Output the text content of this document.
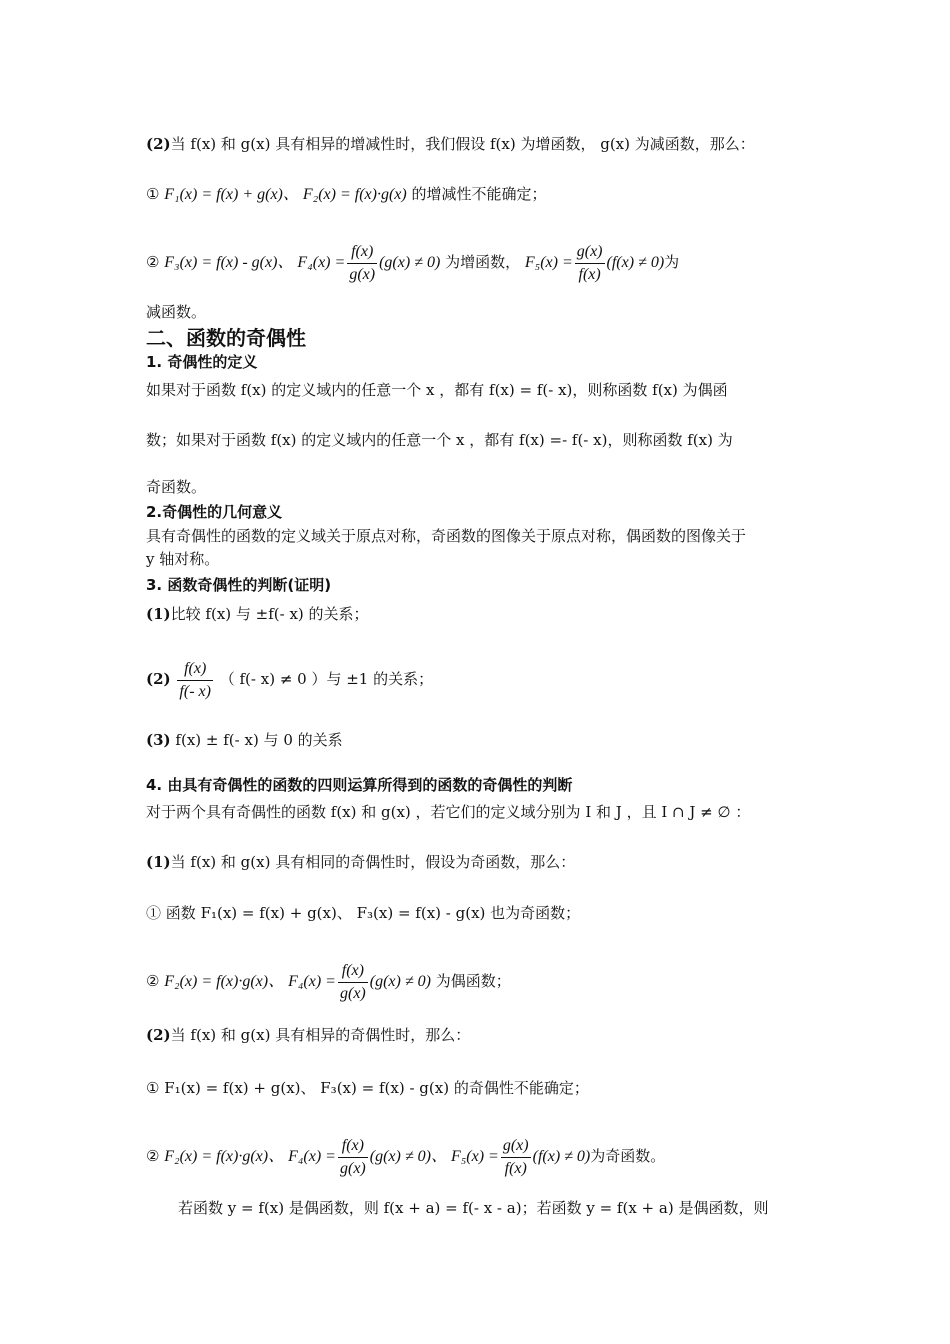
(2)当 f(x) 和 g(x) 具有相异的增减性时，我们假设 f(x) 为增函数， g(x) 为减函数，那么：
① F₁(x) = f(x) + g(x)、 F₂(x) = f(x)·g(x) 的增减性不能确定；
② F₃(x) = f(x) - g(x)、 $F_4(x) = \frac{f(x)}{g(x)} (g(x) \ne 0)$ 为增函数， $F_5(x) = \frac{g(x)}{f(x)} (f(x) \ne 0)$为
减函数。
二、函数的奇偶性
1. 奇偶性的定义
如果对于函数 f(x) 的定义域内的任意一个 x ，都有 f(x) = f(- x)，则称函数 f(x) 为偶函
数；如果对于函数 f(x) 的定义域内的任意一个 x ，都有 f(x) =- f(- x)，则称函数 f(x) 为
奇函数。
2.奇偶性的几何意义
具有奇偶性的函数的定义域关于原点对称，奇函数的图像关于原点对称，偶函数的图像关于
y 轴对称。
3. 函数奇偶性的判断(证明)
(1)比较 f(x) 与 ±f(- x) 的关系；
$(2) \frac{f(x)}{f(- x)}$ （ f(- x) ≠ 0 ）与 ±1 的关系；
(3) f(x) ± f(- x) 与 0 的关系
4. 由具有奇偶性的函数的四则运算所得到的函数的奇偶性的判断
对于两个具有奇偶性的函数 f(x) 和 g(x) ，若它们的定义域分别为 I 和 J ，且 I ∩ J ≠ ∅ ：
(1)当 f(x) 和 g(x) 具有相同的奇偶性时，假设为奇函数，那么：
① 函数 F₁(x) = f(x) + g(x)、 F₃(x) = f(x) - g(x) 也为奇函数；
② F₂(x) = f(x)·g(x)、 $F_4(x) = \frac{f(x)}{g(x)} (g(x) \ne 0)$ 为偶函数；
(2)当 f(x) 和 g(x) 具有相异的奇偶性时，那么：
① F₁(x) = f(x) + g(x)、 F₃(x) = f(x) - g(x) 的奇偶性不能确定；
② F₂(x) = f(x)·g(x)、 $F_4(x) = \frac{f(x)}{g(x)} (g(x) \ne 0)$、 $F_5(x) = \frac{g(x)}{f(x)} (f(x) \ne 0)$为奇函数。
若函数 y = f(x) 是偶函数，则 f(x + a) = f(- x - a)；若函数 y = f(x + a) 是偶函数，则
